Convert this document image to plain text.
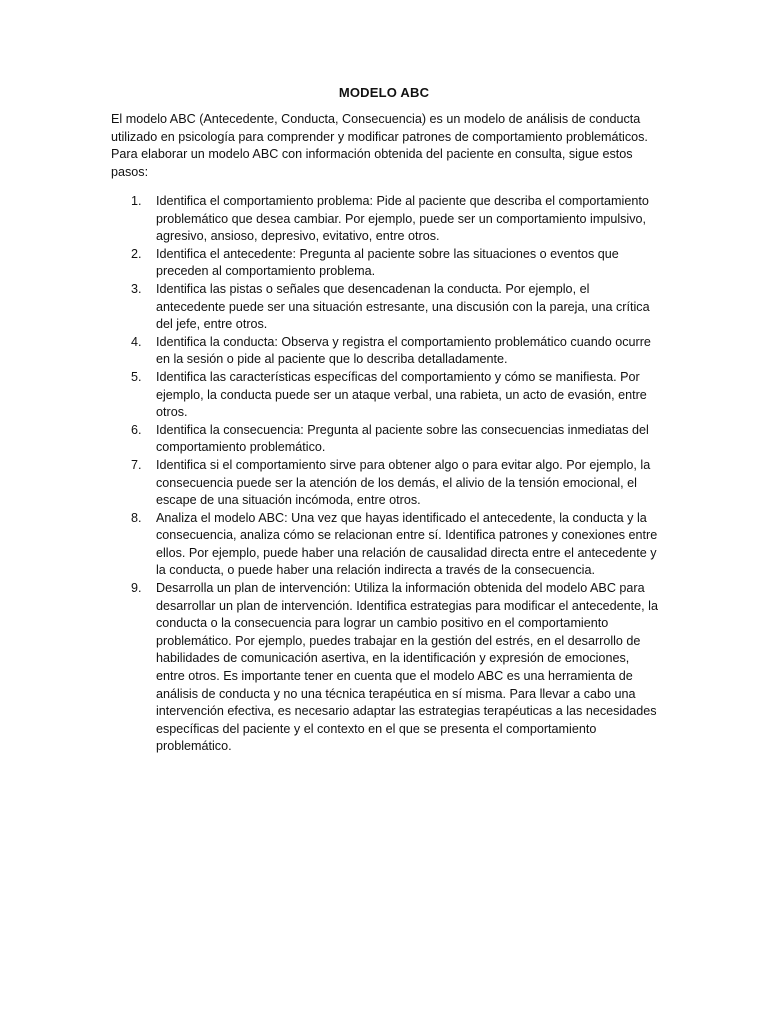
MODELO ABC

El modelo ABC (Antecedente, Conducta, Consecuencia) es un modelo de análisis de conducta utilizado en psicología para comprender y modificar patrones de comportamiento problemáticos. Para elaborar un modelo ABC con información obtenida del paciente en consulta, sigue estos pasos:

1.	Identifica el comportamiento problema: Pide al paciente que describa el comportamiento problemático que desea cambiar. Por ejemplo, puede ser un comportamiento impulsivo, agresivo, ansioso, depresivo, evitativo, entre otros.
2.	Identifica el antecedente: Pregunta al paciente sobre las situaciones o eventos que preceden al comportamiento problema.
3.	Identifica las pistas o señales que desencadenan la conducta. Por ejemplo, el antecedente puede ser una situación estresante, una discusión con la pareja, una crítica del jefe, entre otros.
4.	Identifica la conducta: Observa y registra el comportamiento problemático cuando ocurre en la sesión o pide al paciente que lo describa detalladamente.
5.	Identifica las características específicas del comportamiento y cómo se manifiesta. Por ejemplo, la conducta puede ser un ataque verbal, una rabieta, un acto de evasión, entre otros.
6.	Identifica la consecuencia: Pregunta al paciente sobre las consecuencias inmediatas del comportamiento problemático.
7.	Identifica si el comportamiento sirve para obtener algo o para evitar algo. Por ejemplo, la consecuencia puede ser la atención de los demás, el alivio de la tensión emocional, el escape de una situación incómoda, entre otros.
8.	Analiza el modelo ABC: Una vez que hayas identificado el antecedente, la conducta y la consecuencia, analiza cómo se relacionan entre sí. Identifica patrones y conexiones entre ellos. Por ejemplo, puede haber una relación de causalidad directa entre el antecedente y la conducta, o puede haber una relación indirecta a través de la consecuencia.
9.	Desarrolla un plan de intervención: Utiliza la información obtenida del modelo ABC para desarrollar un plan de intervención. Identifica estrategias para modificar el antecedente, la conducta o la consecuencia para lograr un cambio positivo en el comportamiento problemático. Por ejemplo, puedes trabajar en la gestión del estrés, en el desarrollo de habilidades de comunicación asertiva, en la identificación y expresión de emociones, entre otros. Es importante tener en cuenta que el modelo ABC es una herramienta de análisis de conducta y no una técnica terapéutica en sí misma. Para llevar a cabo una intervención efectiva, es necesario adaptar las estrategias terapéuticas a las necesidades específicas del paciente y el contexto en el que se presenta el comportamiento problemático.
